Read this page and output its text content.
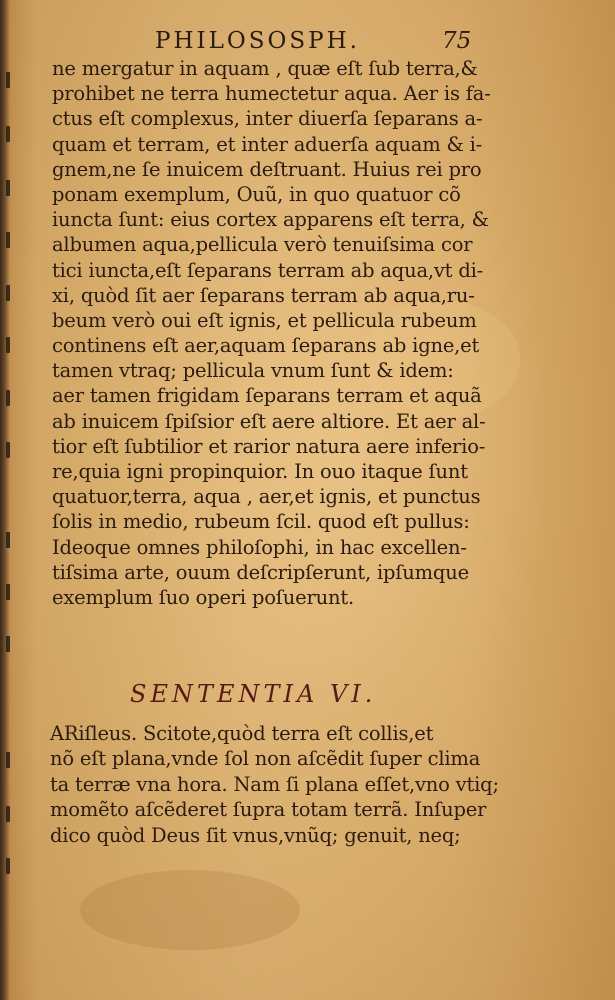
PHILOSOSPH.	75
ne mergatur in aquam , quæ eſt ſub terra,&
prohibet ne terra humectetur aqua. Aer is fa-
ctus eſt complexus, inter diuerſa ſeparans a-
quam et terram, et inter aduerſa aquam & i-
gnem,ne ſe inuicem deſtruant. Huius rei pro
ponam exemplum, Ouũ, in quo quatuor cõ
iuncta ſunt: eius cortex apparens eſt terra, &
albumen aqua,pellicula verò tenuiſsima cor
tici iuncta,eſt ſeparans terram ab aqua,vt di-
xi, quòd ſit aer ſeparans terram ab aqua,ru-
beum verò oui eſt ignis, et pellicula rubeum
continens eſt aer,aquam ſeparans ab igne,et
tamen vtraq; pellicula vnum ſunt & idem:
aer tamen frigidam ſeparans terram et aquã
ab inuicem ſpiſsior eſt aere altiore. Et aer al-
tior eſt ſubtilior et rarior natura aere inferio-
re,quia igni propinquior. In ouo itaque ſunt
quatuor,terra, aqua , aer,et ignis, et punctus
ſolis in medio, rubeum ſcil. quod eſt pullus:
Ideoque omnes philoſophi, in hac excellen-
tiſsima arte, ouum deſcripſerunt, ipſumque
exemplum ſuo operi poſuerunt.
SENTENTIA VI.
ARiſleus. Scitote,quòd terra eſt collis,et
nõ eſt plana,vnde ſol non aſcẽdit ſuper clima
ta terræ vna hora. Nam ſi plana eſſet,vno vtiq;
momẽto aſcẽderet ſupra totam terrã. Inſuper
dico quòd Deus ſit vnus,vnũq; genuit, neq;
